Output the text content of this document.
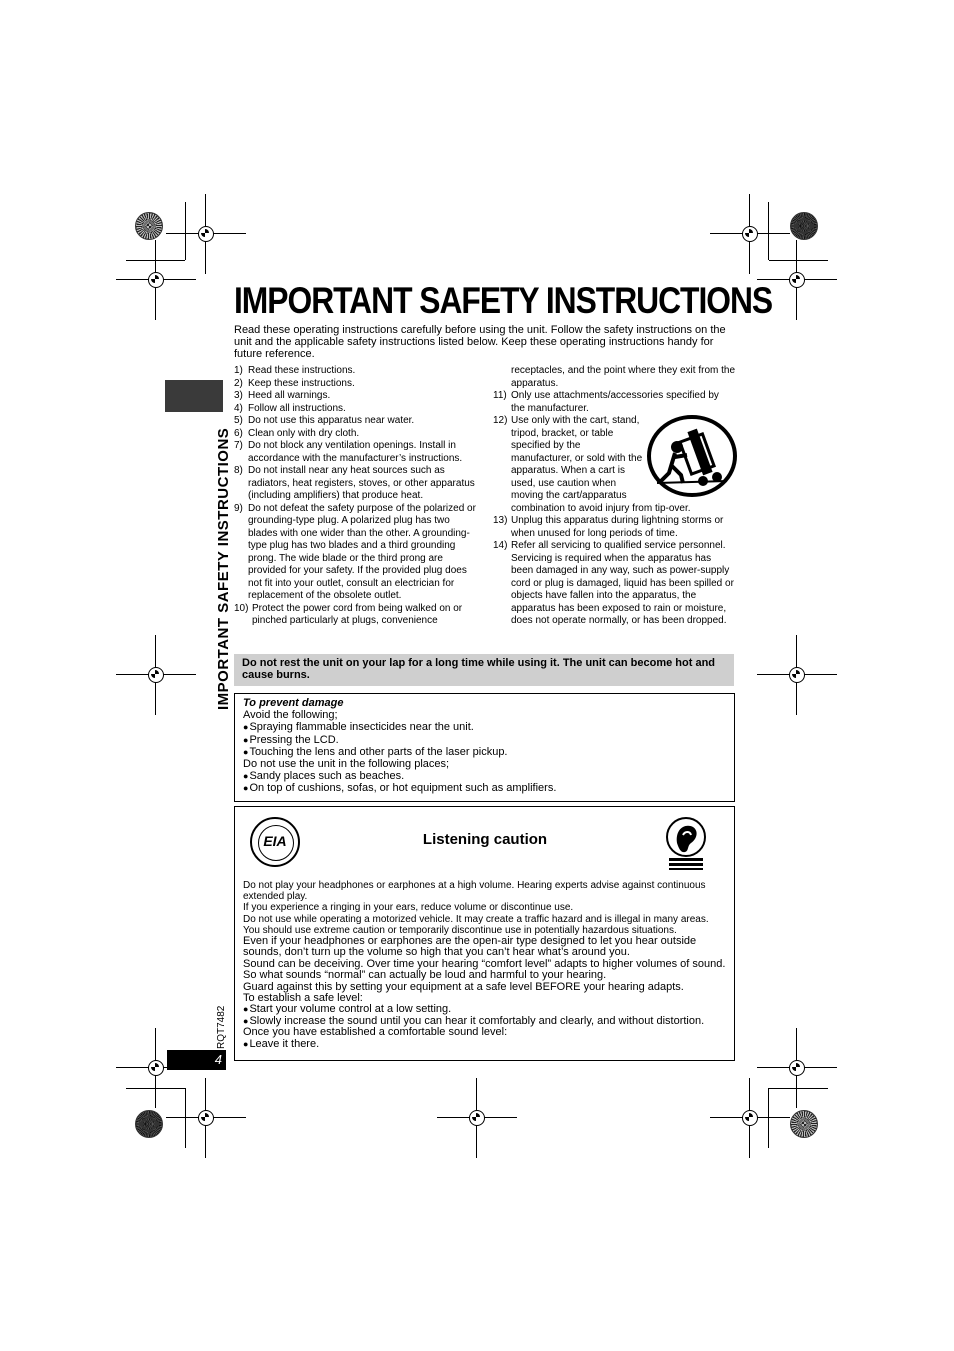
IMPORTANT SAFETY INSTRUCTIONS
RQT7482
4
IMPORTANT SAFETY INSTRUCTIONS
Read these operating instructions carefully before using the unit. Follow the safety instructions on the unit and the applicable safety instructions listed below. Keep these operating instructions handy for future reference.
1) Read these instructions.
2) Keep these instructions.
3) Heed all warnings.
4) Follow all instructions.
5) Do not use this apparatus near water.
6) Clean only with dry cloth.
7) Do not block any ventilation openings. Install in accordance with the manufacturer’s instructions.
8) Do not install near any heat sources such as radiators, heat registers, stoves, or other apparatus (including amplifiers) that produce heat.
9) Do not defeat the safety purpose of the polarized or grounding-type plug. A polarized plug has two blades with one wider than the other. A grounding-type plug has two blades and a third grounding prong. The wide blade or the third prong are provided for your safety. If the provided plug does not fit into your outlet, consult an electrician for replacement of the obsolete outlet.
10) Protect the power cord from being walked on or pinched particularly at plugs, convenience
receptacles, and the point where they exit from the apparatus.
11) Only use attachments/accessories specified by the manufacturer.
12) Use only with the cart, stand, tripod, bracket, or table specified by the manufacturer, or sold with the apparatus. When a cart is used, use caution when moving the cart/apparatus combination to avoid injury from tip-over.
13) Unplug this apparatus during lightning storms or when unused for long periods of time.
14) Refer all servicing to qualified service personnel. Servicing is required when the apparatus has been damaged in any way, such as power-supply cord or plug is damaged, liquid has been spilled or objects have fallen into the apparatus, the apparatus has been exposed to rain or moisture, does not operate normally, or has been dropped.
Do not rest the unit on your lap for a long time while using it. The unit can become hot and cause burns.
To prevent damage
Avoid the following;
● Spraying flammable insecticides near the unit.
● Pressing the LCD.
● Touching the lens and other parts of the laser pickup.
Do not use the unit in the following places;
● Sandy places such as beaches.
● On top of cushions, sofas, or hot equipment such as amplifiers.
EIA	Listening caution
Do not play your headphones or earphones at a high volume. Hearing experts advise against continuous extended play.
If you experience a ringing in your ears, reduce volume or discontinue use.
Do not use while operating a motorized vehicle. It may create a traffic hazard and is illegal in many areas.
You should use extreme caution or temporarily discontinue use in potentially hazardous situations.
Even if your headphones or earphones are the open-air type designed to let you hear outside sounds, don’t turn up the volume so high that you can’t hear what’s around you.
Sound can be deceiving. Over time your hearing “comfort level” adapts to higher volumes of sound. So what sounds “normal” can actually be loud and harmful to your hearing.
Guard against this by setting your equipment at a safe level BEFORE your hearing adapts.
To establish a safe level:
● Start your volume control at a low setting.
● Slowly increase the sound until you can hear it comfortably and clearly, and without distortion.
Once you have established a comfortable sound level:
● Leave it there.
